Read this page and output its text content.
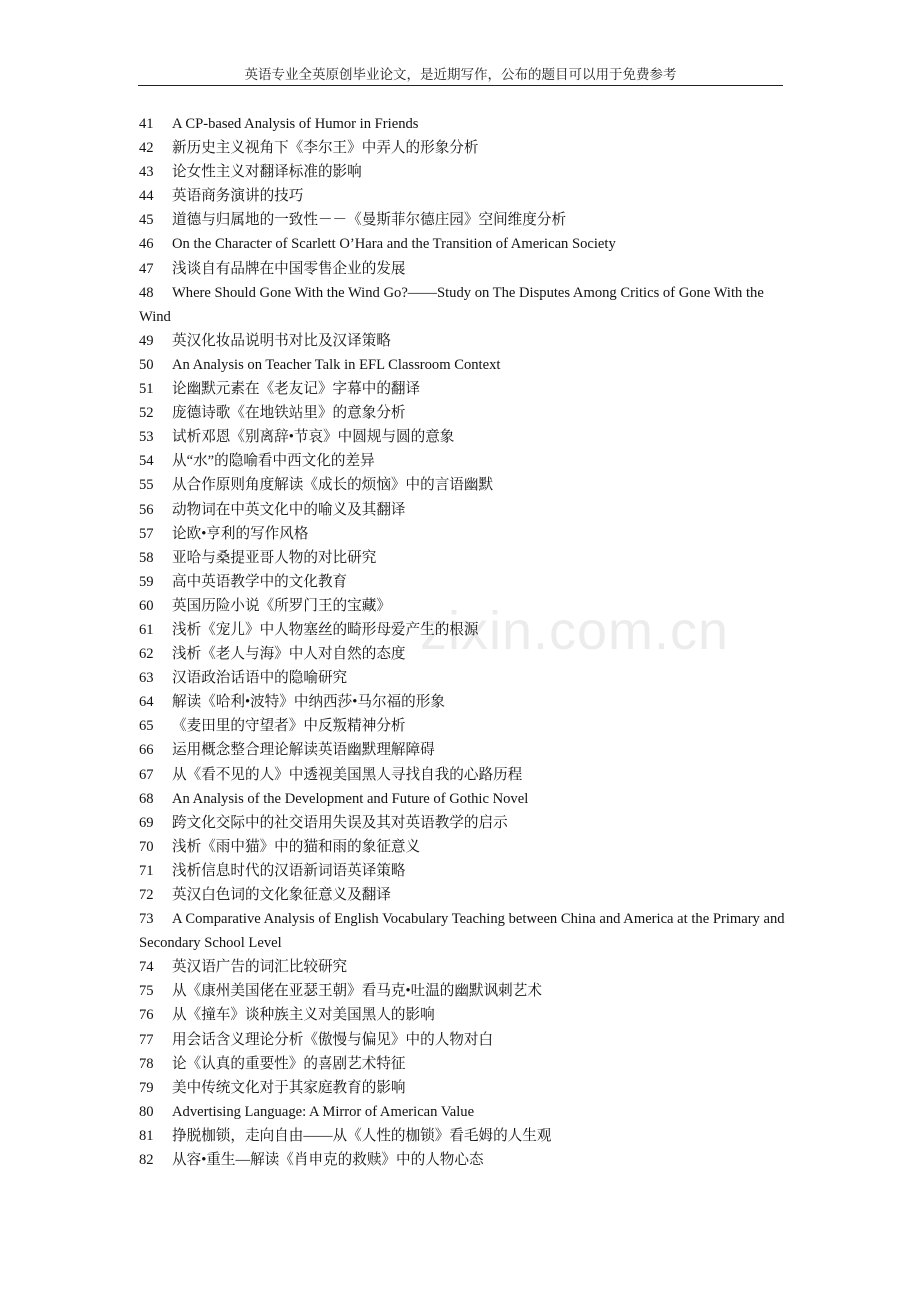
英语专业全英原创毕业论文，是近期写作，公布的题目可以用于免费参考
zixin.com.cn
41 A CP-based Analysis of Humor in Friends
42 新历史主义视角下《李尔王》中弄人的形象分析
43 论女性主义对翻译标准的影响
44 英语商务演讲的技巧
45 道德与归属地的一致性－－《曼斯菲尔德庄园》空间维度分析
46 On the Character of Scarlett O’Hara and the Transition of American Society
47 浅谈自有品牌在中国零售企业的发展
48 Where Should Gone With the Wind Go?——Study on The Disputes Among Critics of Gone With the Wind
49 英汉化妆品说明书对比及汉译策略
50 An Analysis on Teacher Talk in EFL Classroom Context
51 论幽默元素在《老友记》字幕中的翻译
52 庞德诗歌《在地铁站里》的意象分析
53 试析邓恩《别离辞•节哀》中圆规与圆的意象
54 从“水”的隐喻看中西文化的差异
55 从合作原则角度解读《成长的烦恼》中的言语幽默
56 动物词在中英文化中的喻义及其翻译
57 论欧•亨利的写作风格
58 亚哈与桑提亚哥人物的对比研究
59 高中英语教学中的文化教育
60 英国历险小说《所罗门王的宝藏》
61 浅析《宠儿》中人物塞丝的畸形母爱产生的根源
62 浅析《老人与海》中人对自然的态度
63 汉语政治话语中的隐喻研究
64 解读《哈利•波特》中纳西莎•马尔福的形象
65 《麦田里的守望者》中反叛精神分析
66 运用概念整合理论解读英语幽默理解障碍
67 从《看不见的人》中透视美国黑人寻找自我的心路历程
68 An Analysis of the Development and Future of Gothic Novel
69 跨文化交际中的社交语用失误及其对英语教学的启示
70 浅析《雨中猫》中的猫和雨的象征意义
71 浅析信息时代的汉语新词语英译策略
72 英汉白色词的文化象征意义及翻译
73 A Comparative Analysis of English Vocabulary Teaching between China and America at the Primary and Secondary School Level
74 英汉语广告的词汇比较研究
75 从《康州美国佬在亚瑟王朝》看马克•吐温的幽默讽刺艺术
76 从《撞车》谈种族主义对美国黑人的影响
77 用会话含义理论分析《傲慢与偏见》中的人物对白
78 论《认真的重要性》的喜剧艺术特征
79 美中传统文化对于其家庭教育的影响
80 Advertising Language: A Mirror of American Value
81 挣脱枷锁，走向自由——从《人性的枷锁》看毛姆的人生观
82 从容•重生—解读《肖申克的救赎》中的人物心态
